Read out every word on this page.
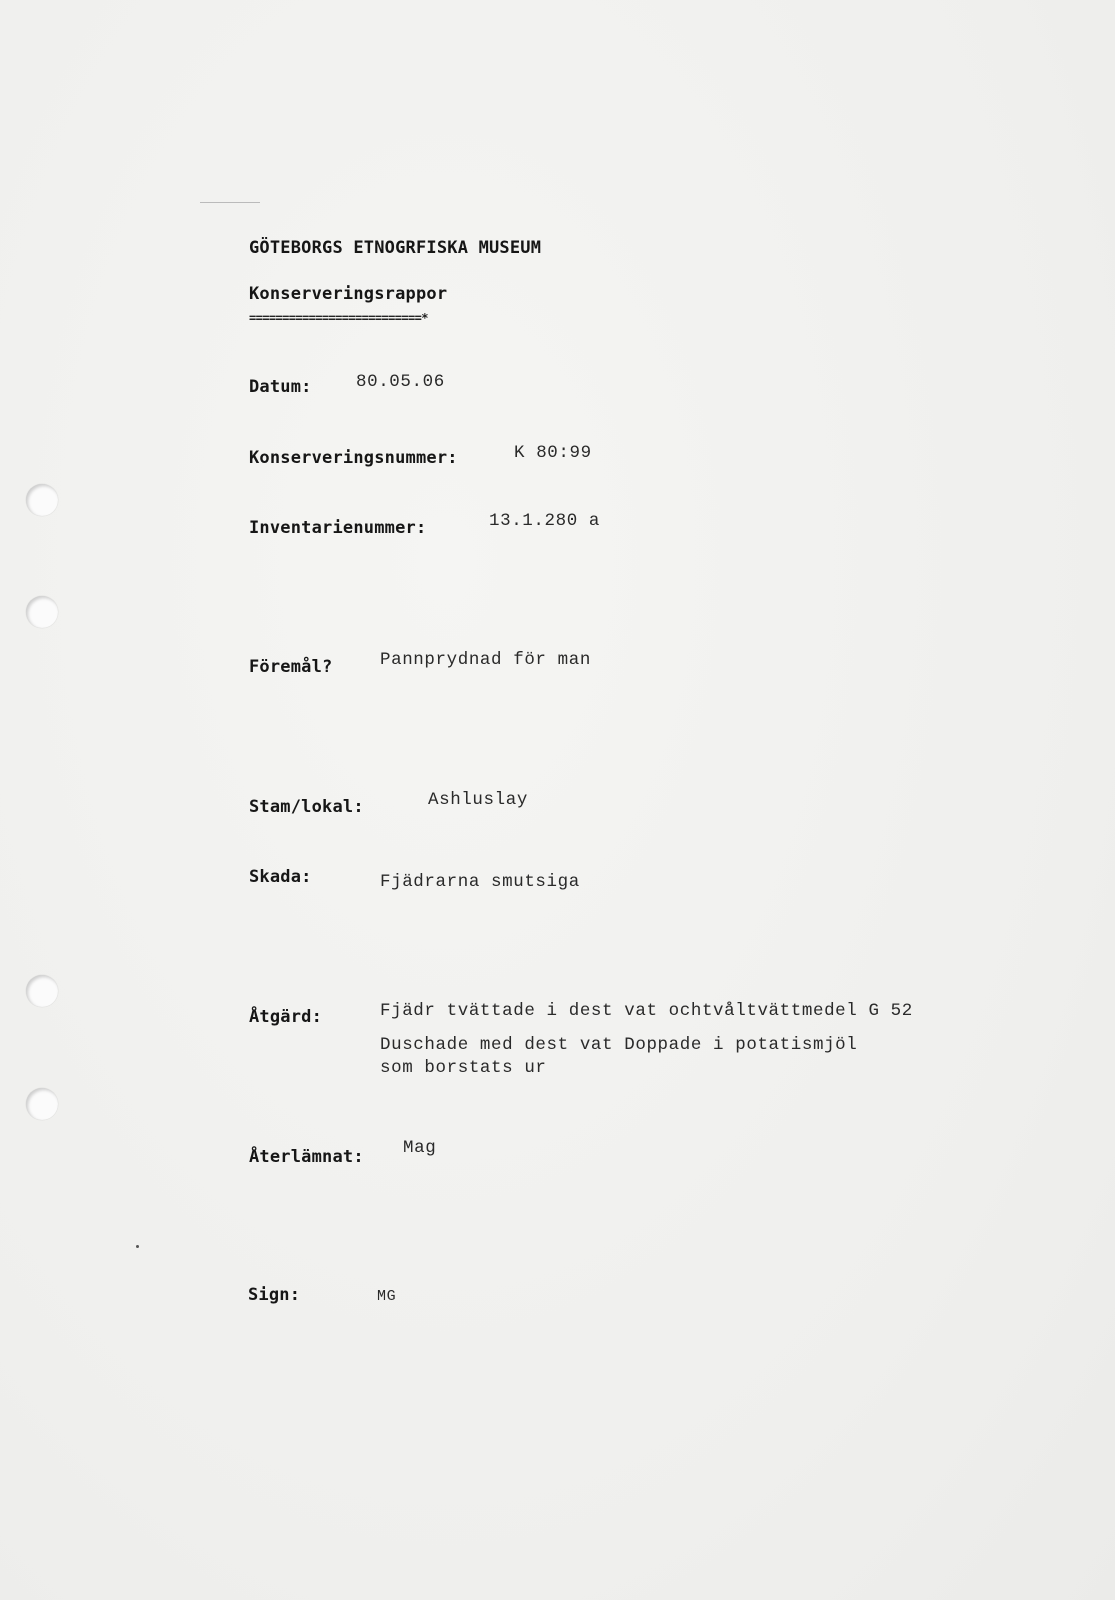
GÖTEBORGS ETNOGRFISKA MUSEUM
Konserveringsrappor
==========================*
Datum:	80.05.06
Konserveringsnummer:	K 80:99
Inventarienummer:	13.1.280 a
Föremål?	Pannprydnad för man
Stam/lokal:	Ashluslay
Skada:	Fjädrarna smutsiga
Åtgärd:	Fjädr tvättade i dest vat ochtvåltvättmedel G 52
Duschade med dest vat Doppade i potatismjöl
som borstats ur
Återlämnat: Mag
Sign:	MG
